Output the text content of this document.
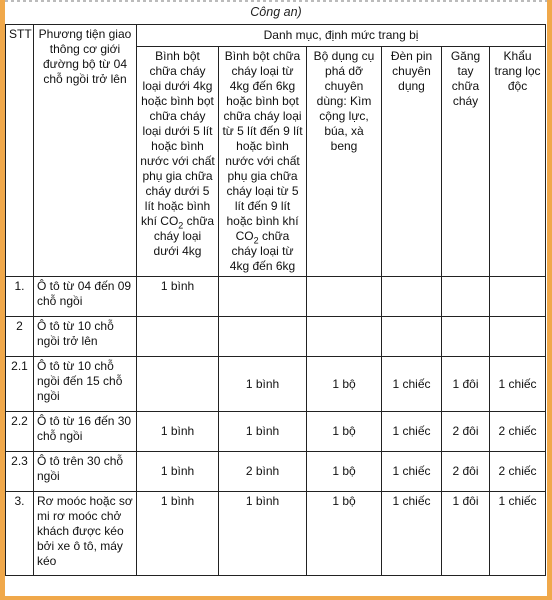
Công an)
STT	Phương tiện giao thông cơ giới đường bộ từ 04 chỗ ngồi trở lên	Danh mục, định mức trang bị					
		Bình bột chữa cháy loại dưới 4kg hoặc bình bọt chữa cháy loại dưới 5 lít hoặc bình nước với chất phụ gia chữa cháy dưới 5 lít hoặc bình khí $CO_2$ chữa cháy loại dưới 4kg	Bình bột chữa cháy loại từ 4kg đến 6kg hoặc bình bọt chữa cháy loại từ 5 lít đến 9 lít hoặc bình nước với chất phụ gia chữa cháy loại từ 5 lít đến 9 lít hoặc bình khí $CO_2$ chữa cháy loại từ 4kg đến 6kg	Bộ dụng cụ phá dỡ chuyên dùng: Kìm cộng lực, búa, xà beng	Đèn pin chuyên dụng	Găng tay chữa cháy	Khẩu trang lọc độc
1.	Ô tô từ 04 đến 09 chỗ ngồi	1 bình					
2	Ô tô từ 10 chỗ ngồi trở lên						
2.1	Ô tô từ 10 chỗ ngồi đến 15 chỗ ngồi		1 bình	1 bộ	1 chiếc	1 đôi	1 chiếc
2.2	Ô tô từ 16 đến 30 chỗ ngồi	1 bình	1 bình	1 bộ	1 chiếc	2 đôi	2 chiếc
2.3	Ô tô trên 30 chỗ ngồi	1 bình	2 bình	1 bộ	1 chiếc	2 đôi	2 chiếc
3.	Rơ moóc hoặc sơ mi rơ moóc chở khách được kéo bởi xe ô tô, máy kéo	1 bình	1 bình	1 bộ	1 chiếc	1 đôi	1 chiếc
